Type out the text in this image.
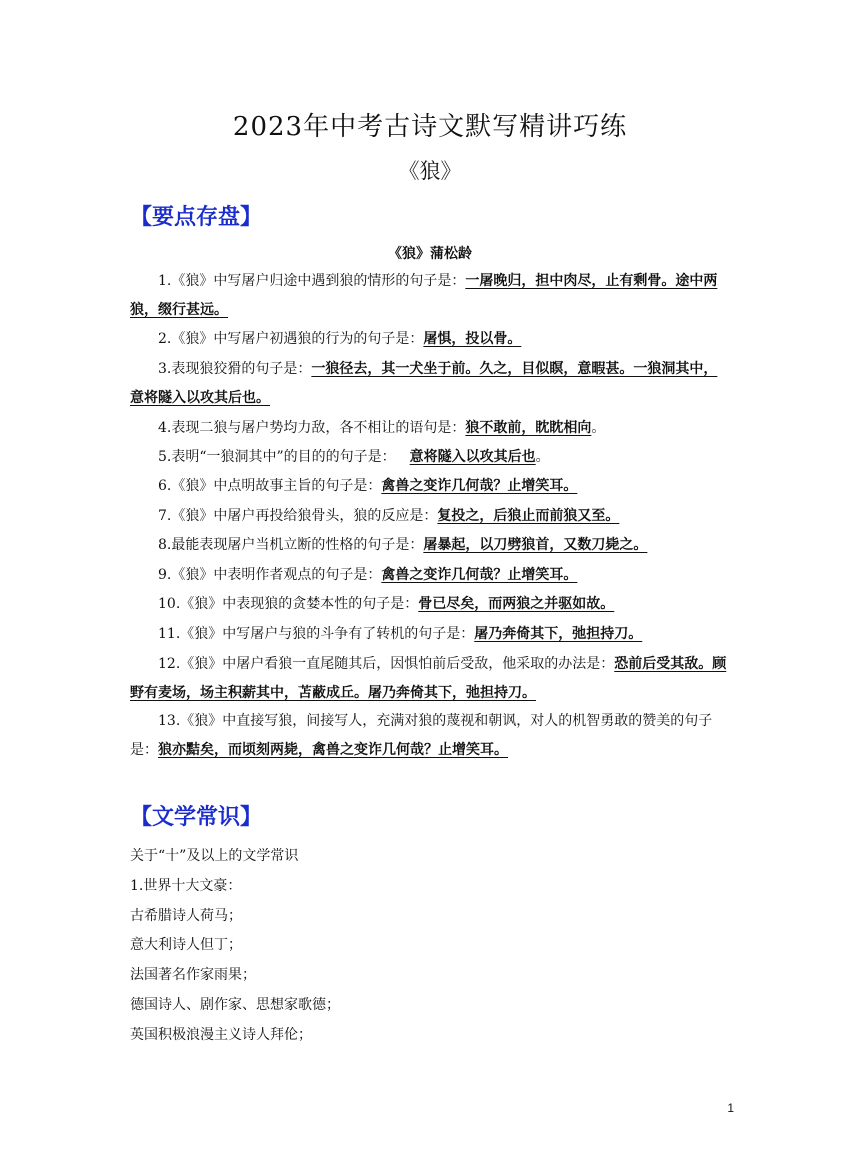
2023年中考古诗文默写精讲巧练
《狼》
【要点存盘】
《狼》蒲松龄
1.《狼》中写屠户归途中遇到狼的情形的句子是：一屠晚归，担中肉尽，止有剩骨。途中两狼，缀行甚远。
2.《狼》中写屠户初遇狼的行为的句子是：屠惧，投以骨。
3.表现狼狡猾的句子是：一狼径去，其一犬坐于前。久之，目似瞑，意暇甚。一狼洞其中，意将隧入以攻其后也。
4.表现二狼与屠户势均力敌，各不相让的语句是：狼不敢前，眈眈相向。
5.表明“一狼洞其中”的目的的句子是： 意将隧入以攻其后也。
6.《狼》中点明故事主旨的句子是：禽兽之变诈几何哉？止增笑耳。
7.《狼》中屠户再投给狼骨头，狼的反应是：复投之，后狼止而前狼又至。
8.最能表现屠户当机立断的性格的句子是：屠暴起，以刀劈狼首，又数刀毙之。
9.《狼》中表明作者观点的句子是：禽兽之变诈几何哉？止增笑耳。
10.《狼》中表现狼的贪婪本性的句子是：骨已尽矣，而两狼之并驱如故。
11.《狼》中写屠户与狼的斗争有了转机的句子是：屠乃奔倚其下，弛担持刀。
12.《狼》中屠户看狼一直尾随其后，因惧怕前后受敌，他采取的办法是：恐前后受其敌。顾野有麦场，场主积薪其中，苫蔽成丘。屠乃奔倚其下，弛担持刀。
13.《狼》中直接写狼，间接写人，充满对狼的蔑视和朝讽，对人的机智勇敢的赞美的句子是：狼亦黠矣，而顷刻两毙，禽兽之变诈几何哉？止增笑耳。
【文学常识】
关于“十”及以上的文学常识
1.世界十大文豪：
古希腊诗人荷马；
意大利诗人但丁；
法国著名作家雨果；
德国诗人、剧作家、思想家歌德；
英国积极浪漫主义诗人拜伦；
1
